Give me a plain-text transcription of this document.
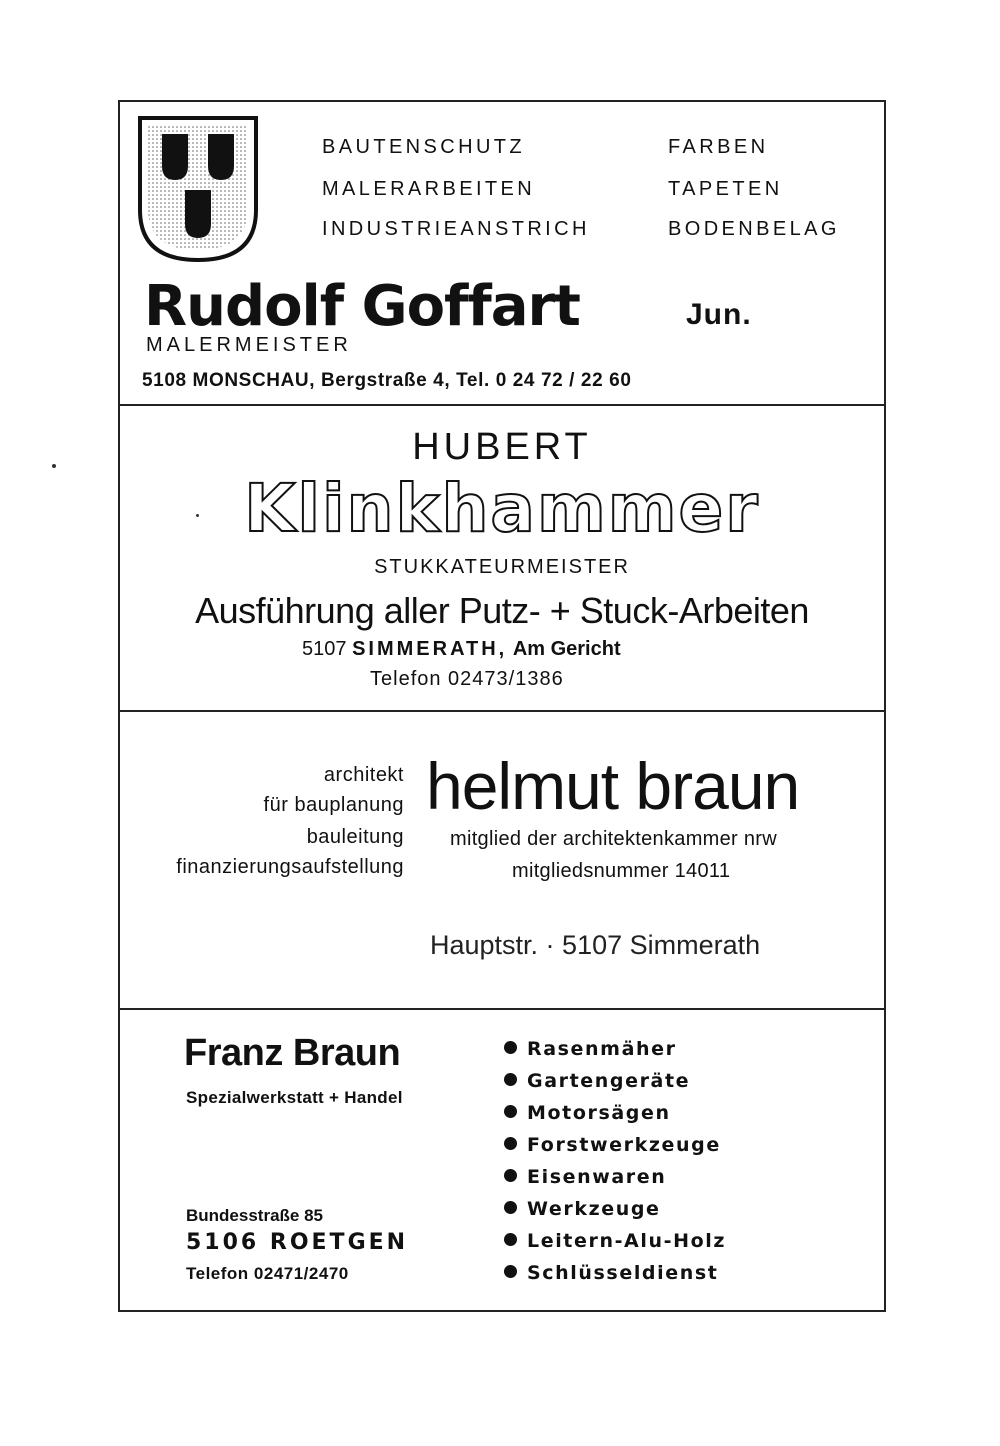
BAUTENSCHUTZ
MALERARBEITEN
INDUSTRIEANSTRICH
FARBEN
TAPETEN
BODENBELAG
Rudolf Goffart	Jun.
MALERMEISTER
5108 MONSCHAU, Bergstraße 4, Tel. 0 24 72 / 22 60
HUBERT
Klinkhammer
STUKKATEURMEISTER
Ausführung aller Putz- + Stuck-Arbeiten
5107 SIMMERATH, Am Gericht
Telefon 02473/1386
architekt
für bauplanung
bauleitung
finanzierungsaufstellung
helmut braun
mitglied der architektenkammer nrw
mitgliedsnummer 14011
Hauptstr. · 5107 Simmerath
Franz Braun
Spezialwerkstatt + Handel
Bundesstraße 85
5106 ROETGEN
Telefon 02471/2470
Rasenmäher
Gartengeräte
Motorsägen
Forstwerkzeuge
Eisenwaren
Werkzeuge
Leitern-Alu-Holz
Schlüsseldienst
